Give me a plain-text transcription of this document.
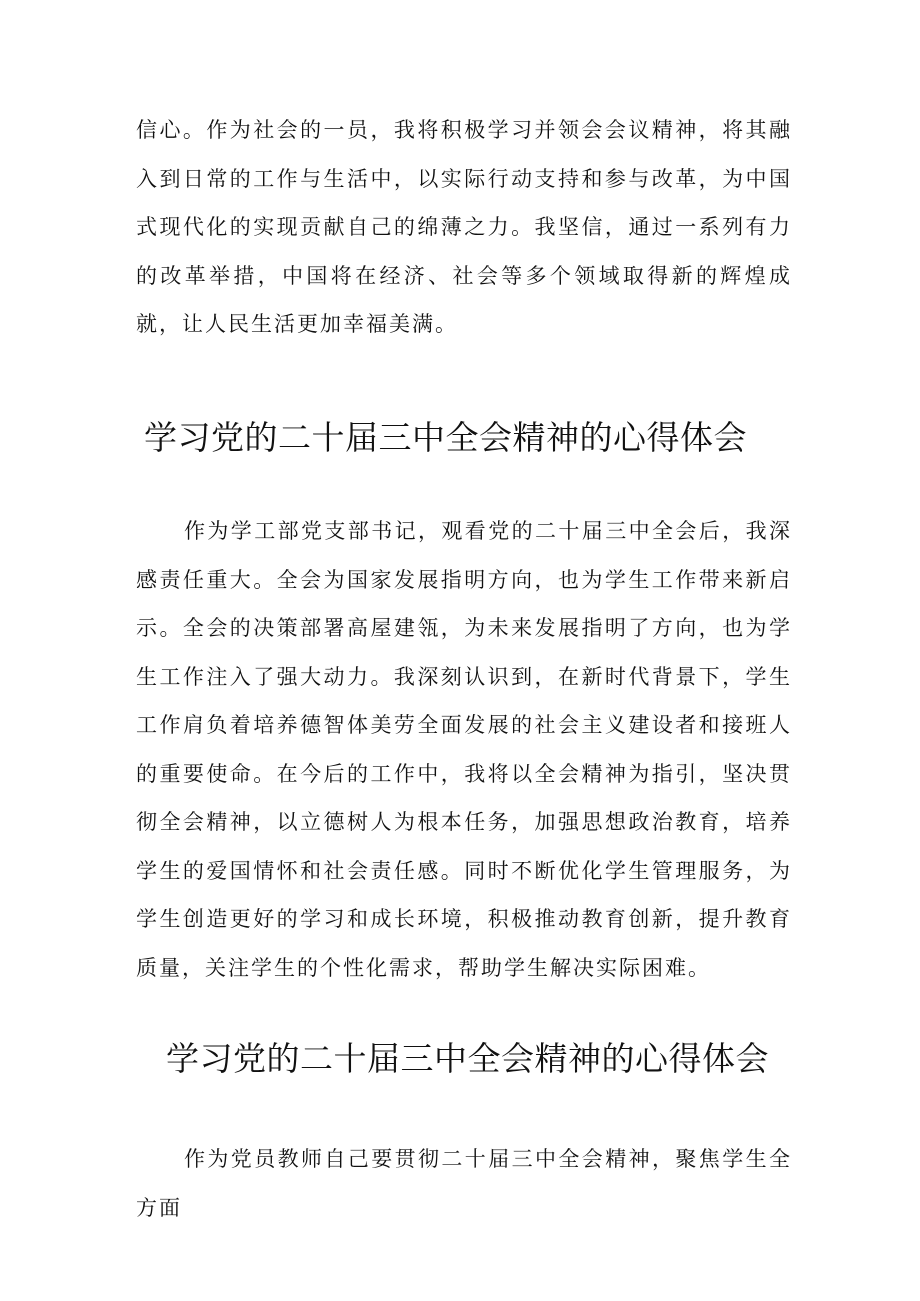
信心。作为社会的一员，我将积极学习并领会会议精神，将其融入到日常的工作与生活中，以实际行动支持和参与改革，为中国式现代化的实现贡献自己的绵薄之力。我坚信，通过一系列有力的改革举措，中国将在经济、社会等多个领域取得新的辉煌成就，让人民生活更加幸福美满。

学习党的二十届三中全会精神的心得体会

作为学工部党支部书记，观看党的二十届三中全会后，我深感责任重大。全会为国家发展指明方向，也为学生工作带来新启示。全会的决策部署高屋建瓴，为未来发展指明了方向，也为学生工作注入了强大动力。我深刻认识到，在新时代背景下，学生工作肩负着培养德智体美劳全面发展的社会主义建设者和接班人的重要使命。在今后的工作中，我将以全会精神为指引，坚决贯彻全会精神，以立德树人为根本任务，加强思想政治教育，培养学生的爱国情怀和社会责任感。同时不断优化学生管理服务，为学生创造更好的学习和成长环境，积极推动教育创新，提升教育质量，关注学生的个性化需求，帮助学生解决实际困难。

学习党的二十届三中全会精神的心得体会

作为党员教师自己要贯彻二十届三中全会精神，聚焦学生全方面
